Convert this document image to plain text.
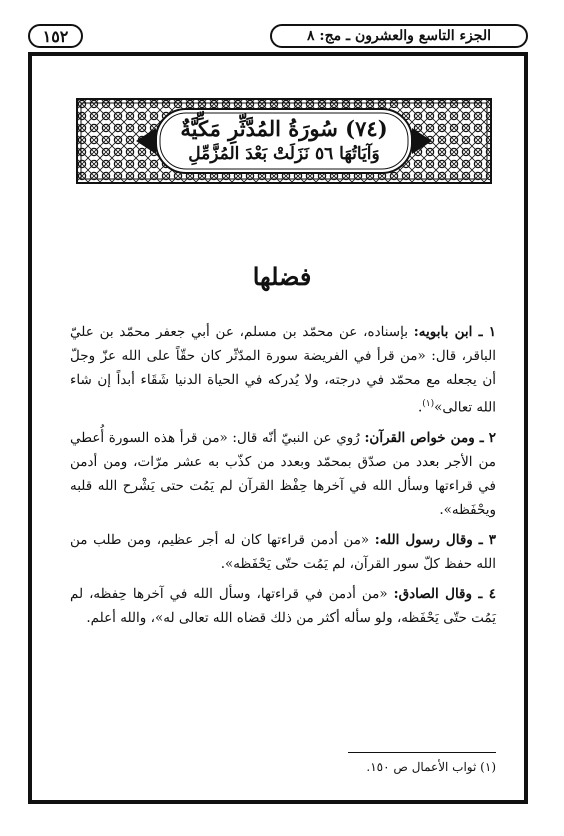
١٥٢	الجزء التاسع والعشرون ـ مج: ٨
(٧٤) سُورَةُ المُدَّثِّرِ مَكِّيَّةٌ
وَآيَاتُهَا ٥٦ نَزَلَتْ بَعْدَ المُزَّمِّلِ
فضلها

١ ـ ابن بابويه: بإسناده، عن محمّد بن مسلم، عن أبي جعفر محمّد بن عليّ الباقر، قال: «من قرأ في الفريضة سورة المدّثّر كان حقّاً على الله عزّ وجلّ أن يجعله مع محمّد في درجته، ولا يُدركه في الحياة الدنيا شَقَاء أبداً إن شاء الله تعالى»$^{(١)}$.

٢ ـ ومن خواص القرآن: رُوي عن النبيّ أنّه قال: «من قرأ هذه السورة أُعطي من الأجر بعدد من صدّق بمحمّد وبعدد من كذّب به عشر مرّات، ومن أدمن في قراءتها وسأل الله في آخرها حِفْظ القرآن لم يَمُت حتى يَشْرح الله قلبه ويحْفَظه».

٣ ـ وقال رسول الله: «من أدمن قراءتها كان له أجر عظيم، ومن طلب من الله حفظ كلّ سور القرآن، لم يَمُت حتّى يَحْفَظه».

٤ ـ وقال الصادق: «من أدمن في قراءتها، وسأل الله في آخرها حِفظه، لم يَمُت حتّى يَحْفَظه، ولو سأله أكثر من ذلك قضاه الله تعالى له»، والله أعلم.

(١) ثواب الأعمال ص ١٥٠.
